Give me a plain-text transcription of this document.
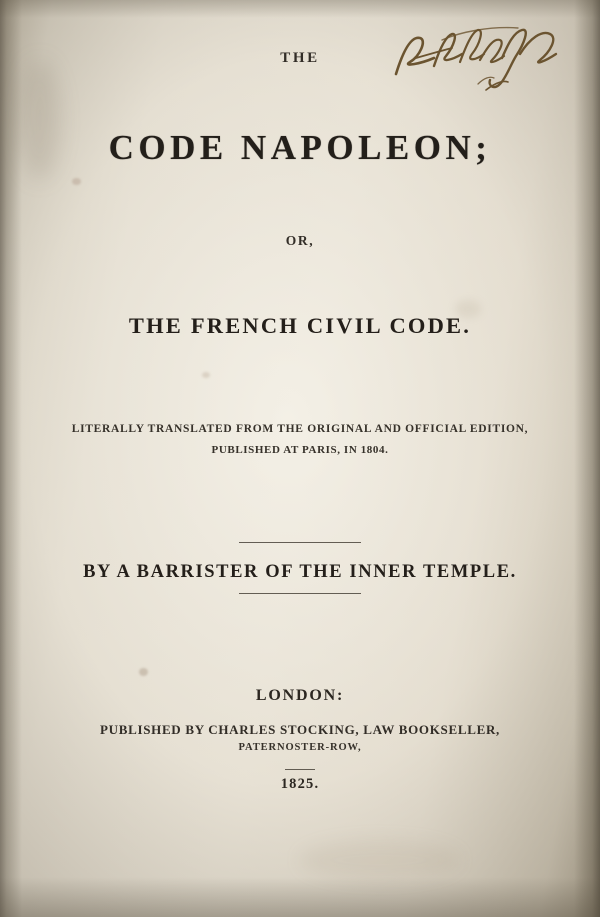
THE
CODE NAPOLEON;
OR,
THE FRENCH CIVIL CODE.
LITERALLY TRANSLATED FROM THE ORIGINAL AND OFFICIAL EDITION,
PUBLISHED AT PARIS, IN 1804.
BY A BARRISTER OF THE INNER TEMPLE.
LONDON:
PUBLISHED BY CHARLES STOCKING, LAW BOOKSELLER,
PATERNOSTER-ROW,
1825.
